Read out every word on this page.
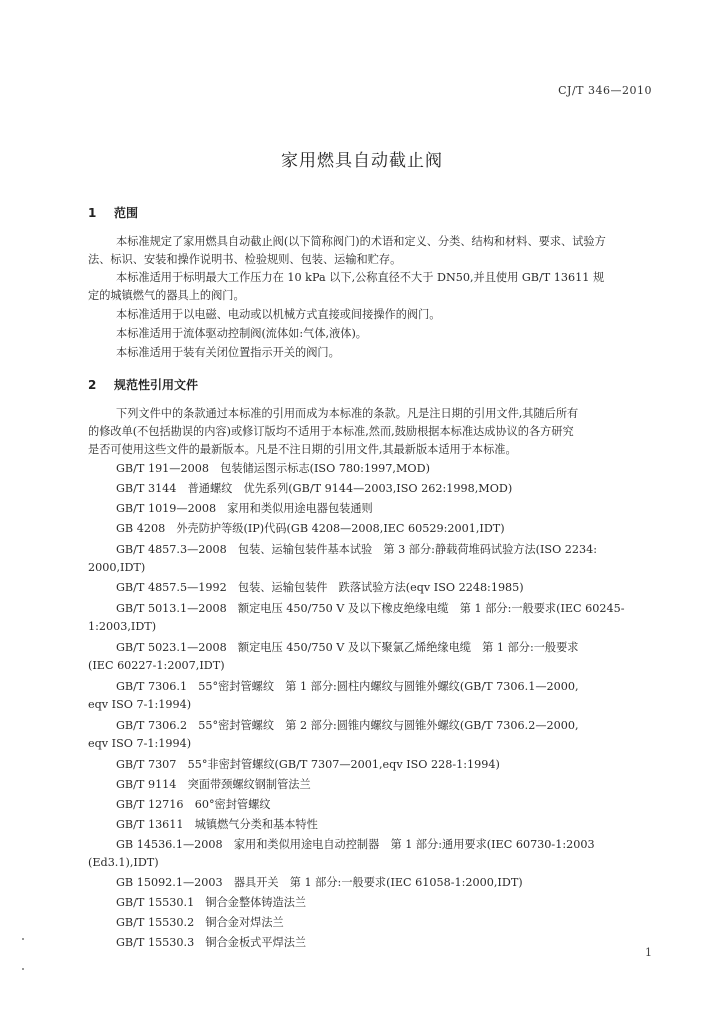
CJ/T 346—2010
家用燃具自动截止阀
1 范围
本标准规定了家用燃具自动截止阀(以下简称阀门)的术语和定义、分类、结构和材料、要求、试验方
法、标识、安装和操作说明书、检验规则、包装、运输和贮存。
本标准适用于标明最大工作压力在 10 kPa 以下,公称直径不大于 DN50,并且使用 GB/T 13611 规
定的城镇燃气的器具上的阀门。
本标准适用于以电磁、电动或以机械方式直接或间接操作的阀门。
本标准适用于流体驱动控制阀(流体如:气体,液体)。
本标准适用于装有关闭位置指示开关的阀门。
2 规范性引用文件
下列文件中的条款通过本标准的引用而成为本标准的条款。凡是注日期的引用文件,其随后所有
的修改单(不包括勘误的内容)或修订版均不适用于本标准,然而,鼓励根据本标准达成协议的各方研究
是否可使用这些文件的最新版本。凡是不注日期的引用文件,其最新版本适用于本标准。
GB/T 191—2008　包装储运图示标志(ISO 780:1997,MOD)
GB/T 3144　普通螺纹　优先系列(GB/T 9144—2003,ISO 262:1998,MOD)
GB/T 1019—2008　家用和类似用途电器包装通则
GB 4208　外壳防护等级(IP)代码(GB 4208—2008,IEC 60529:2001,IDT)
GB/T 4857.3—2008　包装、运输包装件基本试验　第 3 部分:静载荷堆码试验方法(ISO 2234:
2000,IDT)
GB/T 4857.5—1992　包装、运输包装件　跌落试验方法(eqv ISO 2248:1985)
GB/T 5013.1—2008　额定电压 450/750 V 及以下橡皮绝缘电缆　第 1 部分:一般要求(IEC 60245-
1:2003,IDT)
GB/T 5023.1—2008　额定电压 450/750 V 及以下聚氯乙烯绝缘电缆　第 1 部分:一般要求
(IEC 60227-1:2007,IDT)
GB/T 7306.1　55°密封管螺纹　第 1 部分:圆柱内螺纹与圆锥外螺纹(GB/T 7306.1—2000,
eqv ISO 7-1:1994)
GB/T 7306.2　55°密封管螺纹　第 2 部分:圆锥内螺纹与圆锥外螺纹(GB/T 7306.2—2000,
eqv ISO 7-1:1994)
GB/T 7307　55°非密封管螺纹(GB/T 7307—2001,eqv ISO 228-1:1994)
GB/T 9114　突面带颈螺纹钢制管法兰
GB/T 12716　60°密封管螺纹
GB/T 13611　城镇燃气分类和基本特性
GB 14536.1—2008　家用和类似用途电自动控制器　第 1 部分:通用要求(IEC 60730-1:2003
(Ed3.1),IDT)
GB 15092.1—2003　器具开关　第 1 部分:一般要求(IEC 61058-1:2000,IDT)
GB/T 15530.1　铜合金整体铸造法兰
GB/T 15530.2　铜合金对焊法兰
GB/T 15530.3　铜合金板式平焊法兰
1
